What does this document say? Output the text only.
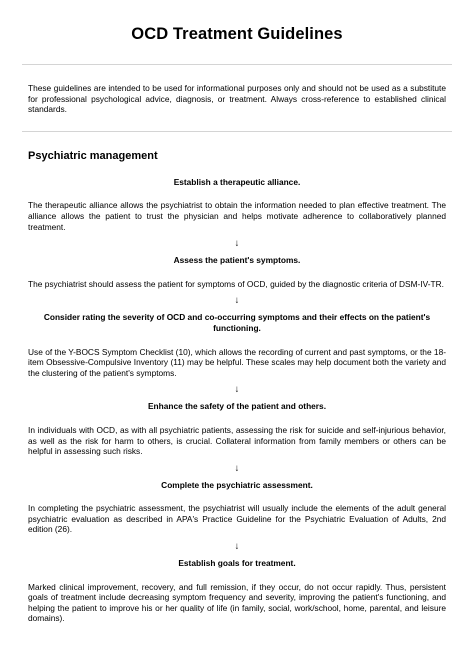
OCD Treatment Guidelines

These guidelines are intended to be used for informational purposes only and should not be used as a substitute for professional psychological advice, diagnosis, or treatment. Always cross-reference to established clinical standards.

Psychiatric management
Establish a therapeutic alliance.

The therapeutic alliance allows the psychiatrist to obtain the information needed to plan effective treatment. The alliance allows the patient to trust the physician and helps motivate adherence to collaboratively planned treatment.

↓
Assess the patient's symptoms.

The psychiatrist should assess the patient for symptoms of OCD, guided by the diagnostic criteria of DSM-IV-TR.

↓
Consider rating the severity of OCD and co-occurring symptoms and their effects on the patient's functioning.

Use of the Y-BOCS Symptom Checklist (10), which allows the recording of current and past symptoms, or the 18-item Obsessive-Compulsive Inventory (11) may be helpful. These scales may help document both the variety and the clustering of the patient's symptoms.

↓
Enhance the safety of the patient and others.

In individuals with OCD, as with all psychiatric patients, assessing the risk for suicide and self-injurious behavior, as well as the risk for harm to others, is crucial. Collateral information from family members or others can be helpful in assessing such risks.

↓
Complete the psychiatric assessment.

In completing the psychiatric assessment, the psychiatrist will usually include the elements of the adult general psychiatric evaluation as described in APA's Practice Guideline for the Psychiatric Evaluation of Adults, 2nd edition (26).

↓
Establish goals for treatment.

Marked clinical improvement, recovery, and full remission, if they occur, do not occur rapidly. Thus, persistent goals of treatment include decreasing symptom frequency and severity, improving the patient's functioning, and helping the patient to improve his or her quality of life (in family, social, work/school, home, parental, and leisure domains).
